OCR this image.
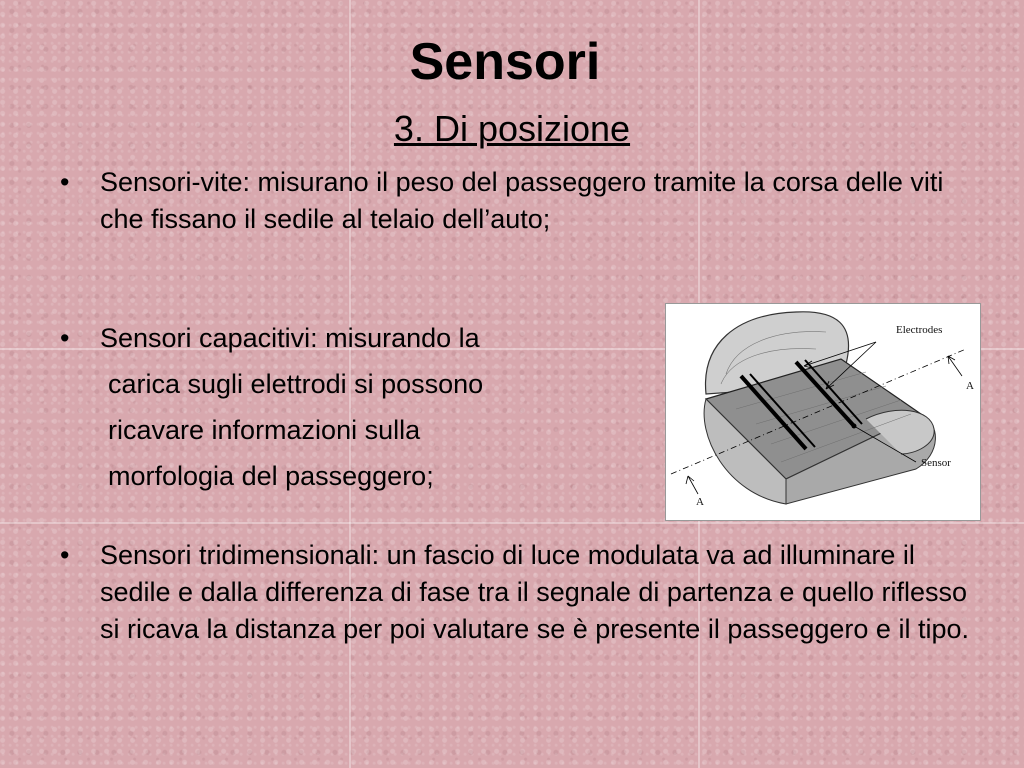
Sensori
3. Di posizione
• Sensori-vite: misurano il peso del passeggero tramite la corsa delle viti che fissano il sedile al telaio dell’auto;
• Sensori capacitivi: misurando la
carica sugli elettrodi si possono
ricavare informazioni sulla
morfologia del passeggero;
Electrodes
Sensor
A
A
• Sensori tridimensionali: un fascio di luce modulata va ad illuminare il sedile e dalla differenza di fase tra il segnale di partenza e quello riflesso si ricava la distanza per poi valutare se è presente il passeggero e il tipo.
